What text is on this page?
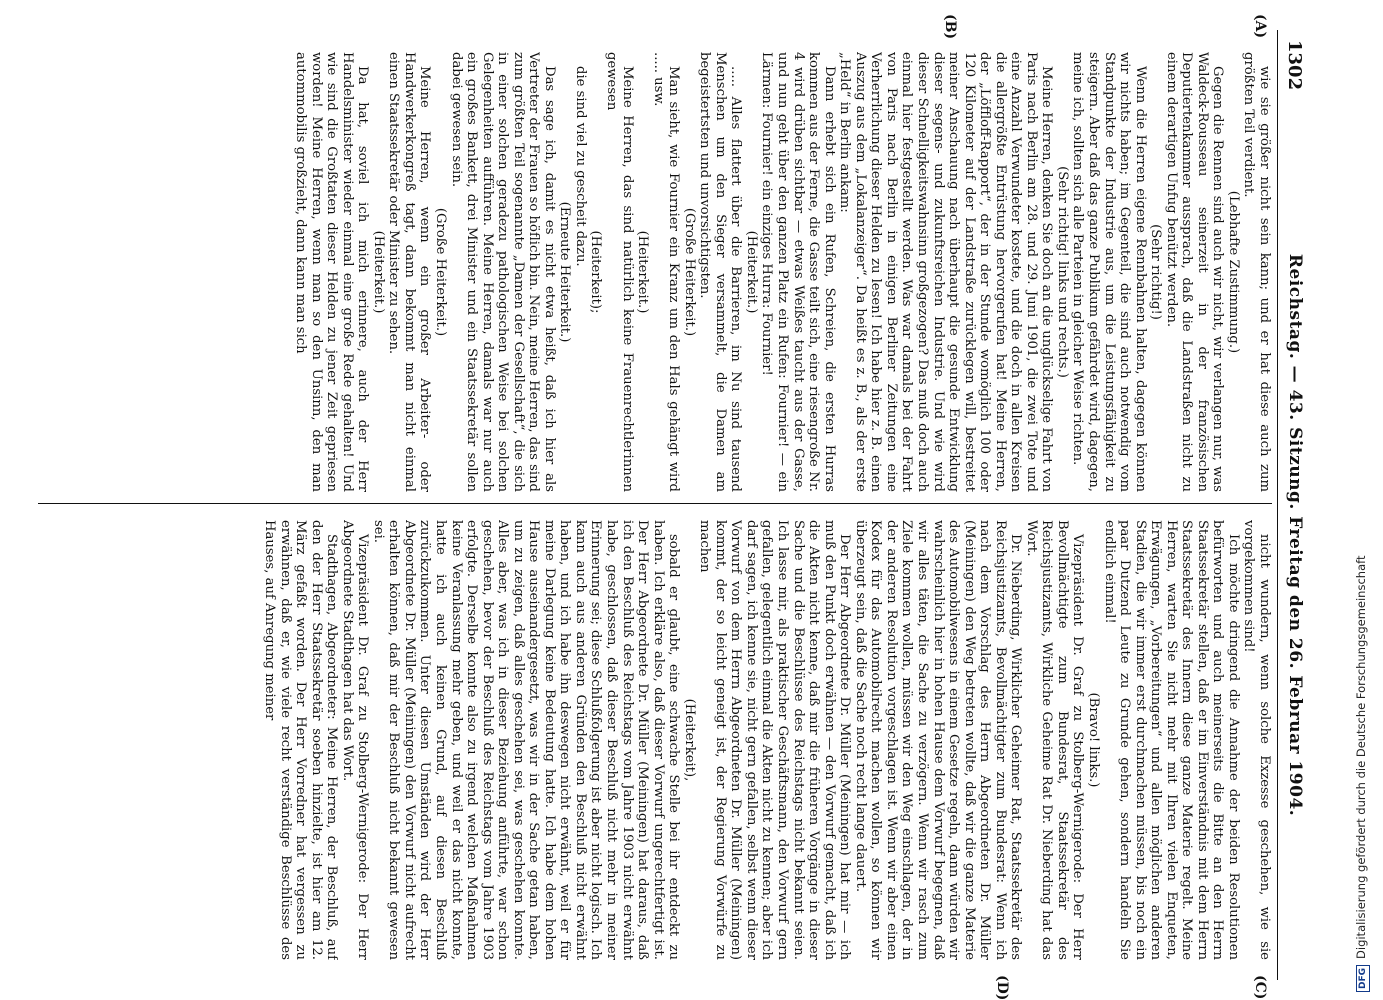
1302
Reichstag. — 43. Sitzung. Freitag den 26. Februar 1904.
(A)
(B)
(C)
(D)

wie sie größer nicht sein kann; und er hat diese auch zum größten Teil verdient.

(Lebhafte Zustimmung.)

Gegen die Rennen sind auch wir nicht, wir verlangen nur, was Waldeck-Rousseau seinerzeit in der französischen Deputiertenkammer aussprach, daß die Landstraßen nicht zu einem derartigen Unfug benützt werden.

(Sehr richtig!)

Wenn die Herren eigene Rennbahnen halten, dagegen können wir nichts haben; im Gegenteil, die sind auch notwendig vom Standpunkte der Industrie aus, um die Leistungsfähigkeit zu steigern. Aber daß das ganze Publikum gefährdet wird, dagegen, meine ich, sollten sich alle Parteien in gleicher Weise richten.

(Sehr richtig! links und rechts.)

Meine Herren, denken Sie doch an die unglückselige Fahrt von Paris nach Berlin am 28. und 29. Juni 1901, die zwei Tote und eine Anzahl Verwundeter kostete, und die doch in allen Kreisen die allergrößte Entrüstung hervorgerufen hat! Meine Herren, der „Löffloff-Rapport“, der in der Stunde womöglich 100 oder 120 Kilometer auf der Landstraße zurücklegen will, bestreitet meiner Anschauung nach überhaupt die gesunde Entwicklung dieser segens- und zukunftsreichen Industrie. Und wie wird dieser Schnelligkeitswahnsinn großgezogen? Das muß doch auch einmal hier festgestellt werden. Was war damals bei der Fahrt von Paris nach Berlin in einigen Berliner Zeitungen eine Verherrlichung dieser Helden zu lesen! Ich habe hier z. B. einen Auszug aus dem „Lokalanzeiger“. Da heißt es z. B., als der erste „Held“ in Berlin ankam:

Dann erhebt sich ein Rufen, Schreien, die ersten Hurras kommen aus der Ferne, die Gasse teilt sich, eine riesengroße Nr. 4 wird drüben sichtbar — etwas Weißes taucht aus der Gasse, und nun geht über den ganzen Platz ein Rufen: Fournier! — ein Lärmen: Fournier! ein einziges Hurra: Fournier!

(Heiterkeit.)

..... Alles flattert über die Barrieren, im Nu sind tausend Menschen um den Sieger versammelt, die Damen am begeistertsten und unvorsichtigsten.

(Große Heiterkeit.)

Man sieht, wie Fournier ein Kranz um den Hals gehängt wird ..... usw.

(Heiterkeit.)

Meine Herren, das sind natürlich keine Frauenrechtlerinnen gewesen

(Heiterkeit);

die sind viel zu gescheit dazu.

(Erneute Heiterkeit.)

Das sage ich, damit es nicht etwa heißt, daß ich hier als Vertreter der Frauen so höflich bin. Nein, meine Herren, das sind zum größten Teil sogenannte „Damen der Gesellschaft“, die sich in einer solchen geradezu pathologischen Weise bei solchen Gelegenheiten aufführen. Meine Herren, damals war nur auch ein großes Bankett, drei Minister und ein Staatssekretär sollen dabei gewesen sein.

(Große Heiterkeit.)

Meine Herren, wenn ein großer Arbeiter- oder Handwerkerkongreß tagt, dann bekommt man nicht einmal einen Staatssekretär oder Minister zu sehen.

(Heiterkeit.)

Da hat, soviel ich mich erinnere, auch der Herr Handelsminister wieder einmal eine große Rede gehalten! Und wie sind die Großtaten dieser Helden zu jener Zeit gepriesen worden! Meine Herren, wenn man so den Unsinn, den man autommobilis großzieht, dann kann man sich

nicht wundern, wenn solche Exzesse geschehen, wie sie vorgekommen sind!

Ich möchte dringend die Annahme der beiden Resolutionen befürworten und auch meinerseits die Bitte an den Herrn Staatssekretär stellen, daß er im Einverständnis mit dem Herrn Staatssekretär des Innern diese ganze Materie regelt. Meine Herren, warten Sie nicht mehr mit Ihren vielen Enqueten, Erwägungen, „Vorbereitungen“ und allen möglichen anderen Stadien, die wir immer erst durchmachen müssen, bis noch ein paar Dutzend Leute zu Grunde gehen, sondern handeln Sie endlich einmal!

(Bravo! links.)

Vizepräsident Dr. Graf zu Stolberg-Wernigerode: Der Herr Bevollmächtigte zum Bundesrat, Staatssekretär des Reichsjustizamts, Wirkliche Geheime Rat Dr. Nieberding hat das Wort.

Dr. Nieberding, Wirklicher Geheimer Rat, Staatssekretär des Reichsjustizamts, Bevollmächtigter zum Bundesrat: Wenn ich nach dem Vorschlag des Herrn Abgeordneten Dr. Müller (Meiningen) den Weg betreten wollte, daß wir die ganze Materie des Automobilwesens in einem Gesetze regeln, dann würden wir wahrscheinlich hier in hohen Hause dem Vorwurf begegnen, daß wir alles täten, die Sache zu verzögern. Wenn wir rasch zum Ziele kommen wollen, müssen wir den Weg einschlagen, der in der anderen Resolution vorgeschlagen ist. Wenn wir aber einen Kodex für das Automobilrecht machen wollen, so können wir überzeugt sein, daß die Sache noch recht lange dauert.

Der Herr Abgeordnete Dr. Müller (Meiningen) hat mir — ich muß den Punkt doch erwähnen — den Vorwurf gemacht, daß ich die Akten nicht kenne, daß mir die früheren Vorgänge in dieser Sache und die Beschlüsse des Reichstags nicht bekannt seien. Ich lasse mir, als praktischer Geschäftsmann, den Vorwurf gern gefallen, gelegentlich einmal die Akten nicht zu kennen; aber ich darf sagen, ich kenne sie, nicht gern gefallen, selbst wenn dieser Vorwurf von dem Herrn Abgeordneten Dr. Müller (Meiningen) kommt, der so leicht geneigt ist, der Regierung Vorwürfe zu machen

(Heiterkeit),

sobald er glaubt, eine schwache Stelle bei ihr entdeckt zu haben. Ich erkläre also, daß dieser Vorwurf ungerechtfertigt ist. Der Herr Abgeordnete Dr. Müller (Meiningen) hat daraus, daß ich den Beschluß des Reichstags vom Jahre 1903 nicht erwähnt habe, geschlossen, daß dieser Beschluß nicht mehr in meiner Erinnerung sei; diese Schlußfolgerung ist aber nicht logisch. Ich kann auch aus anderen Gründen den Beschluß nicht erwähnt haben, und ich habe ihn deswegen nicht erwähnt, weil er für meine Darlegung keine Bedeutung hatte. Ich habe dem hohen Hause auseinandergesetzt, was wir in der Sache getan haben, um zu zeigen, daß alles geschehen sei, was geschehen konnte. Alles aber, was ich in dieser Beziehung anführte, war schon geschehen, bevor der Beschluß des Reichstags vom Jahre 1903 erfolgte. Derselbe konnte also zu irgend welchen Maßnahmen keine Veranlassung mehr geben, und weil er das nicht konnte, hatte ich auch keinen Grund, auf diesen Beschluß zurückzukommen. Unter diesen Umständen wird der Herr Abgeordnete Dr. Müller (Meiningen) den Vorwurf nicht aufrecht erhalten können, daß mir der Beschluß nicht bekannt gewesen sei.

Vizepräsident Dr. Graf zu Stolberg-Wernigerode: Der Herr Abgeordnete Stadthagen hat das Wort.

Stadthagen, Abgeordneter: Meine Herren, der Beschluß, auf den der Herr Staatssekretär soeben hinzielte, ist hier am 12. März gefaßt worden. Der Herr Vorredner hat vergessen zu erwähnen, daß er, wie viele recht verständige Beschlüsse des Hauses, auf Anregung meiner

DFGDigitalisierung gefördert durch die Deutsche Forschungsgemeinschaft
